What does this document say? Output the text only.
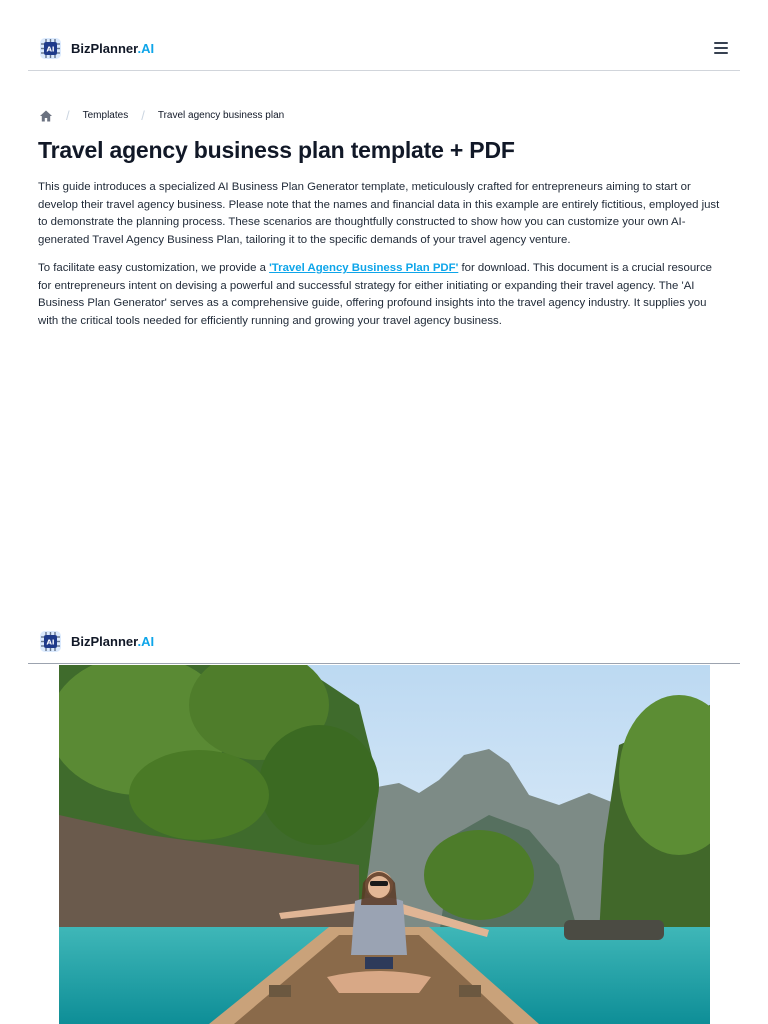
AI BizPlanner.AI
/ Templates / Travel agency business plan
Travel agency business plan template + PDF

This guide introduces a specialized AI Business Plan Generator template, meticulously crafted for entrepreneurs aiming to start or develop their travel agency business. Please note that the names and financial data in this example are entirely fictitious, employed just to demonstrate the planning process. These scenarios are thoughtfully constructed to show how you can customize your own AI-generated Travel Agency Business Plan, tailoring it to the specific demands of your travel agency venture.

To facilitate easy customization, we provide a 'Travel Agency Business Plan PDF' for download. This document is a crucial resource for entrepreneurs intent on devising a powerful and successful strategy for either initiating or expanding their travel agency. The 'AI Business Plan Generator' serves as a comprehensive guide, offering profound insights into the travel agency industry. It supplies you with the critical tools needed for efficiently running and growing your travel agency business.

AI BizPlanner.AI
